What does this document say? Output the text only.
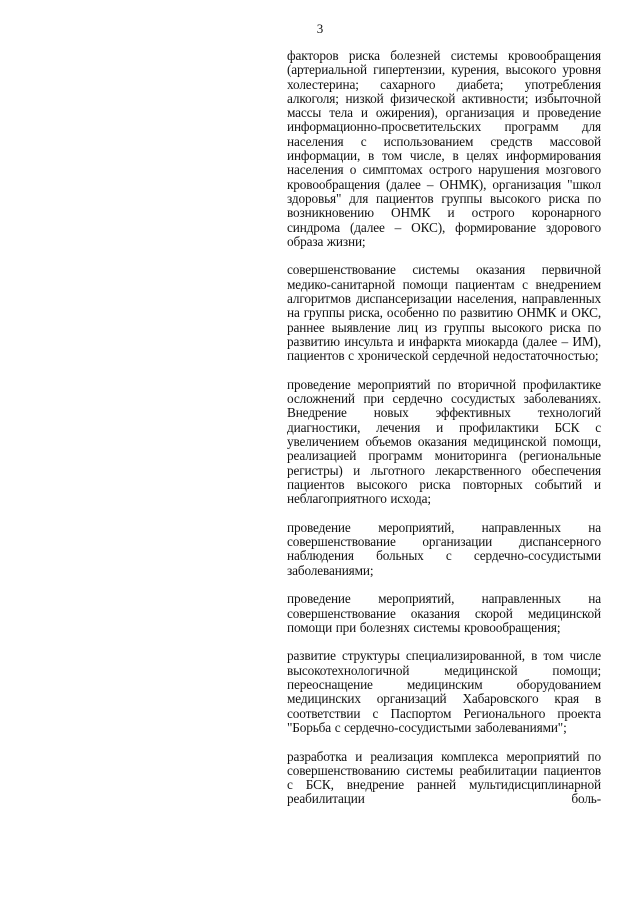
3

факторов риска болезней системы кровообращения (артериальной гипертензии, курения, высокого уровня холестерина; сахарного диабета; употребления алкоголя; низкой физической активности; избыточной массы тела и ожирения), организация и проведение информационно-просветительских программ для населения с использованием средств массовой информации, в том числе, в целях информирования населения о симптомах острого нарушения мозгового кровообращения (далее – ОНМК), организация "школ здоровья" для пациентов группы высокого риска по возникновению ОНМК и острого коронарного синдрома (далее – ОКС), формирование здорового образа жизни;

совершенствование системы оказания первичной медико-санитарной помощи пациентам с внедрением алгоритмов диспансеризации населения, направленных на группы риска, особенно по развитию ОНМК и ОКС, раннее выявление лиц из группы высокого риска по развитию инсульта и инфаркта миокарда (далее – ИМ), пациентов с хронической сердечной недостаточностью;

проведение мероприятий по вторичной профилактике осложнений при сердечно сосудистых заболеваниях. Внедрение новых эффективных технологий диагностики, лечения и профилактики БСК с увеличением объемов оказания медицинской помощи, реализацией программ мониторинга (региональные регистры) и льготного лекарственного обеспечения пациентов высокого риска повторных событий и неблагоприятного исхода;

проведение мероприятий, направленных на совершенствование организации диспансерного наблюдения больных с сердечно-сосудистыми заболеваниями;

проведение мероприятий, направленных на совершенствование оказания скорой медицинской помощи при болезнях системы кровообращения;

развитие структуры специализированной, в том числе высокотехнологичной медицинской помощи; переоснащение медицинским оборудованием медицинских организаций Хабаровского края в соответствии с Паспортом Регионального проекта "Борьба с сердечно-сосудистыми заболеваниями";

разработка и реализация комплекса мероприятий по совершенствованию системы реабилитации пациентов с БСК, внедрение ранней мультидисциплинарной реабилитации боль-
